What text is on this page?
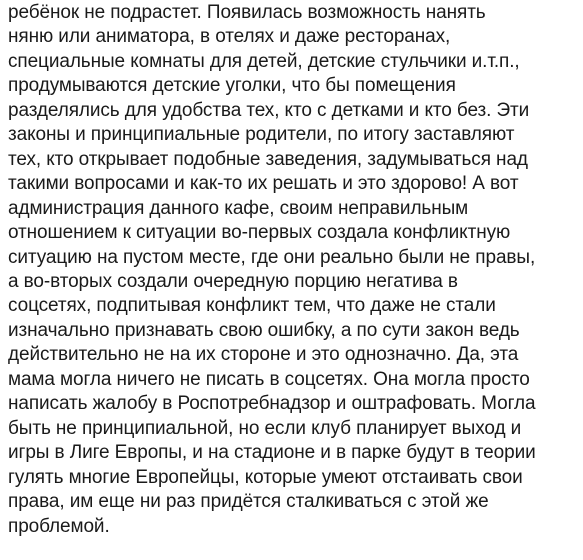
ребёнок не подрастет. Появилась возможность нанять
няню или аниматора, в отелях и даже ресторанах,
специальные комнаты для детей, детские стульчики и.т.п.,
продумываются детские уголки, что бы помещения
разделялись для удобства тех, кто с детками и кто без. Эти
законы и принципиальные родители, по итогу заставляют
тех, кто открывает подобные заведения, задумываться над
такими вопросами и как-то их решать и это здорово! А вот
администрация данного кафе, своим неправильным
отношением к ситуации во-первых создала конфликтную
ситуацию на пустом месте, где они реально были не правы,
а во-вторых создали очередную порцию негатива в
соцсетях, подпитывая конфликт тем, что даже не стали
изначально признавать свою ошибку, а по сути закон ведь
действительно не на их стороне и это однозначно. Да, эта
мама могла ничего не писать в соцсетях. Она могла просто
написать жалобу в Роспотребнадзор и оштрафовать. Могла
быть не принципиальной, но если клуб планирует выход и
игры в Лиге Европы, и на стадионе и в парке будут в теории
гулять многие Европейцы, которые умеют отстаивать свои
права, им еще ни раз придётся сталкиваться с этой же
проблемой.
